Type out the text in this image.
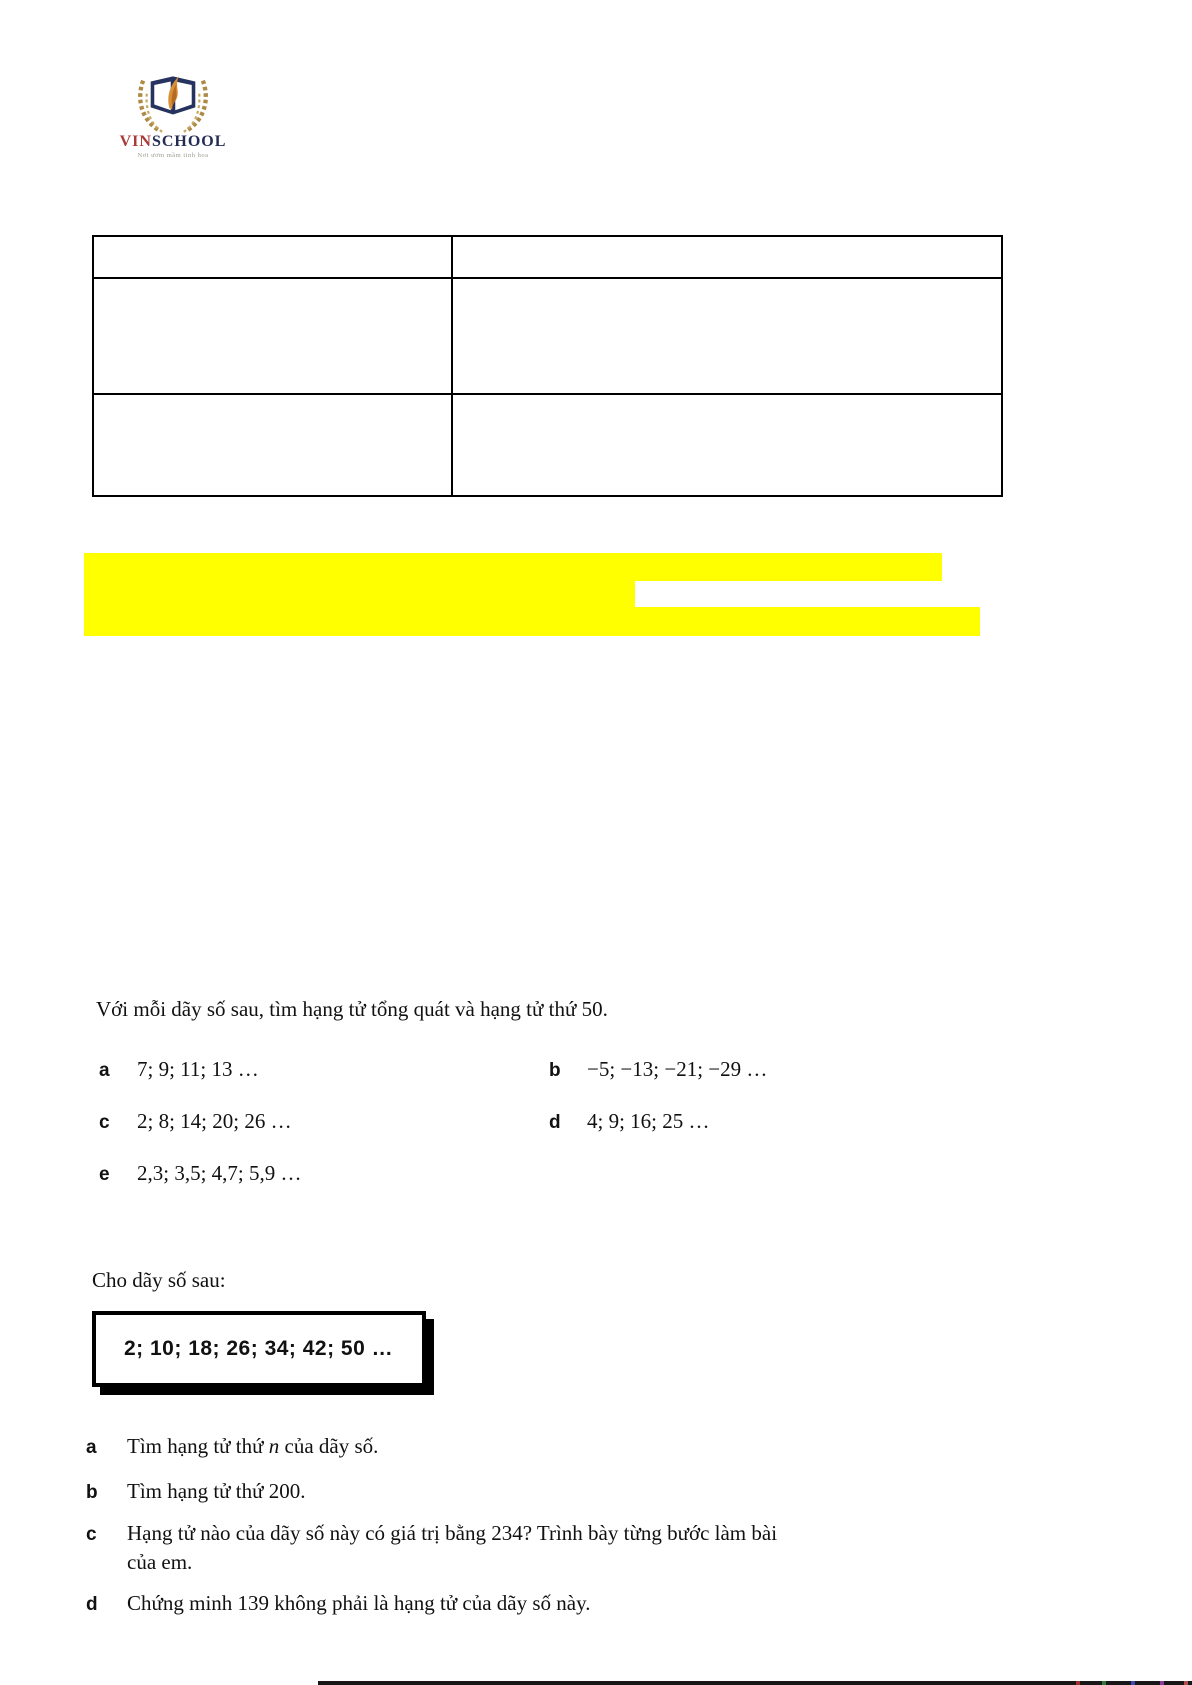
VINSCHOOL
Nơi ươm mầm tinh hoa
Với mỗi dãy số sau, tìm hạng tử tổng quát và hạng tử thứ 50.
a	7; 9; 11; 13 …	b	−5; −13; −21; −29 …
c	2; 8; 14; 20; 26 …	d	4; 9; 16; 25 …
e	2,3; 3,5; 4,7; 5,9 …
Cho dãy số sau:
2; 10; 18; 26; 34; 42; 50 …
a	Tìm hạng tử thứ n của dãy số.
b	Tìm hạng tử thứ 200.
c	Hạng tử nào của dãy số này có giá trị bằng 234? Trình bày từng bước làm bài
của em.
d	Chứng minh 139 không phải là hạng tử của dãy số này.
